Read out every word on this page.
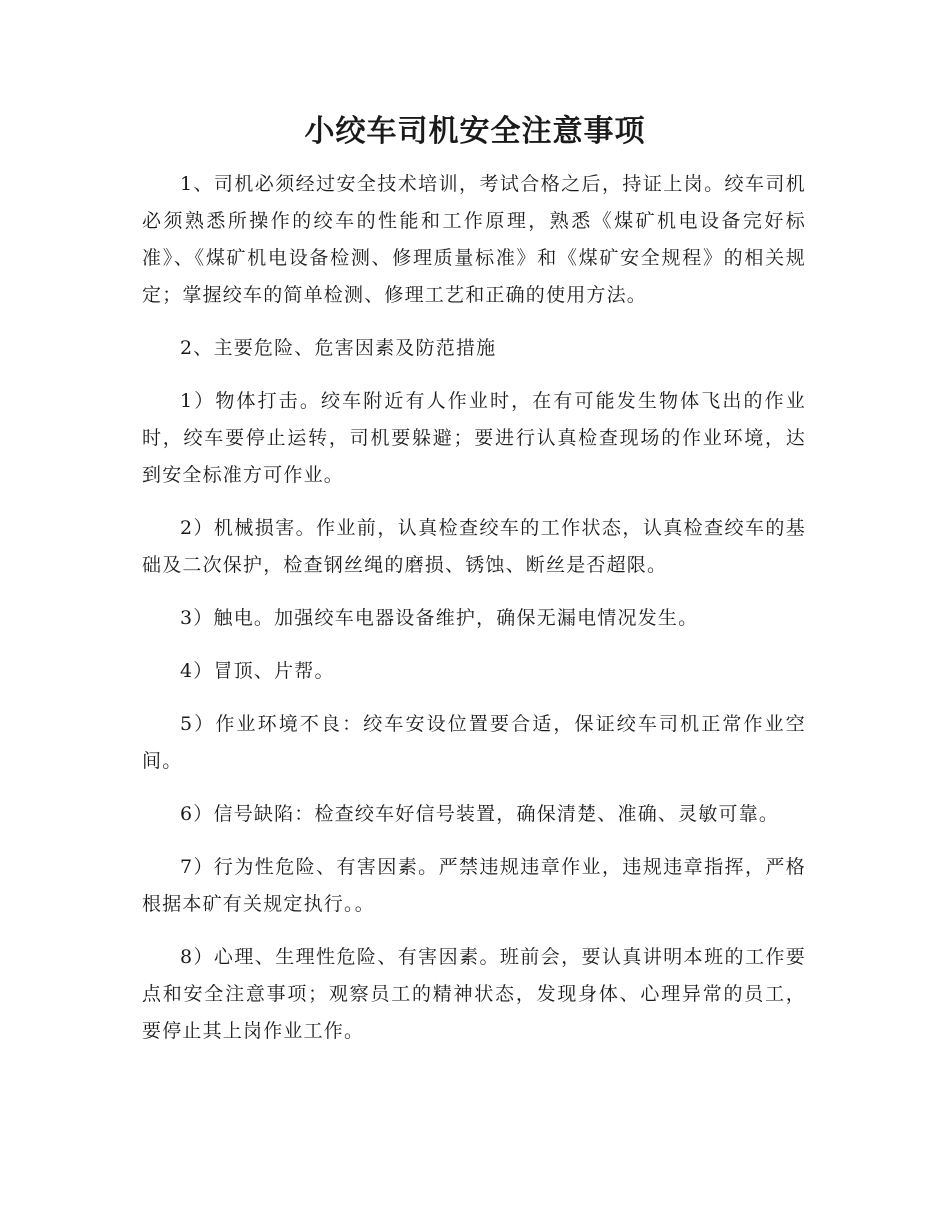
小绞车司机安全注意事项

1、司机必须经过安全技术培训，考试合格之后，持证上岗。绞车司机必须熟悉所操作的绞车的性能和工作原理，熟悉《煤矿机电设备完好标准》、《煤矿机电设备检测、修理质量标准》和《煤矿安全规程》的相关规定；掌握绞车的简单检测、修理工艺和正确的使用方法。

2、主要危险、危害因素及防范措施

1）物体打击。绞车附近有人作业时，在有可能发生物体飞出的作业时，绞车要停止运转，司机要躲避；要进行认真检查现场的作业环境，达到安全标准方可作业。

2）机械损害。作业前，认真检查绞车的工作状态，认真检查绞车的基础及二次保护，检查钢丝绳的磨损、锈蚀、断丝是否超限。

3）触电。加强绞车电器设备维护，确保无漏电情况发生。

4）冒顶、片帮。

5）作业环境不良：绞车安设位置要合适，保证绞车司机正常作业空间。

6）信号缺陷：检查绞车好信号装置，确保清楚、准确、灵敏可靠。

7）行为性危险、有害因素。严禁违规违章作业，违规违章指挥，严格根据本矿有关规定执行。。

8）心理、生理性危险、有害因素。班前会，要认真讲明本班的工作要点和安全注意事项；观察员工的精神状态，发现身体、心理异常的员工，要停止其上岗作业工作。
